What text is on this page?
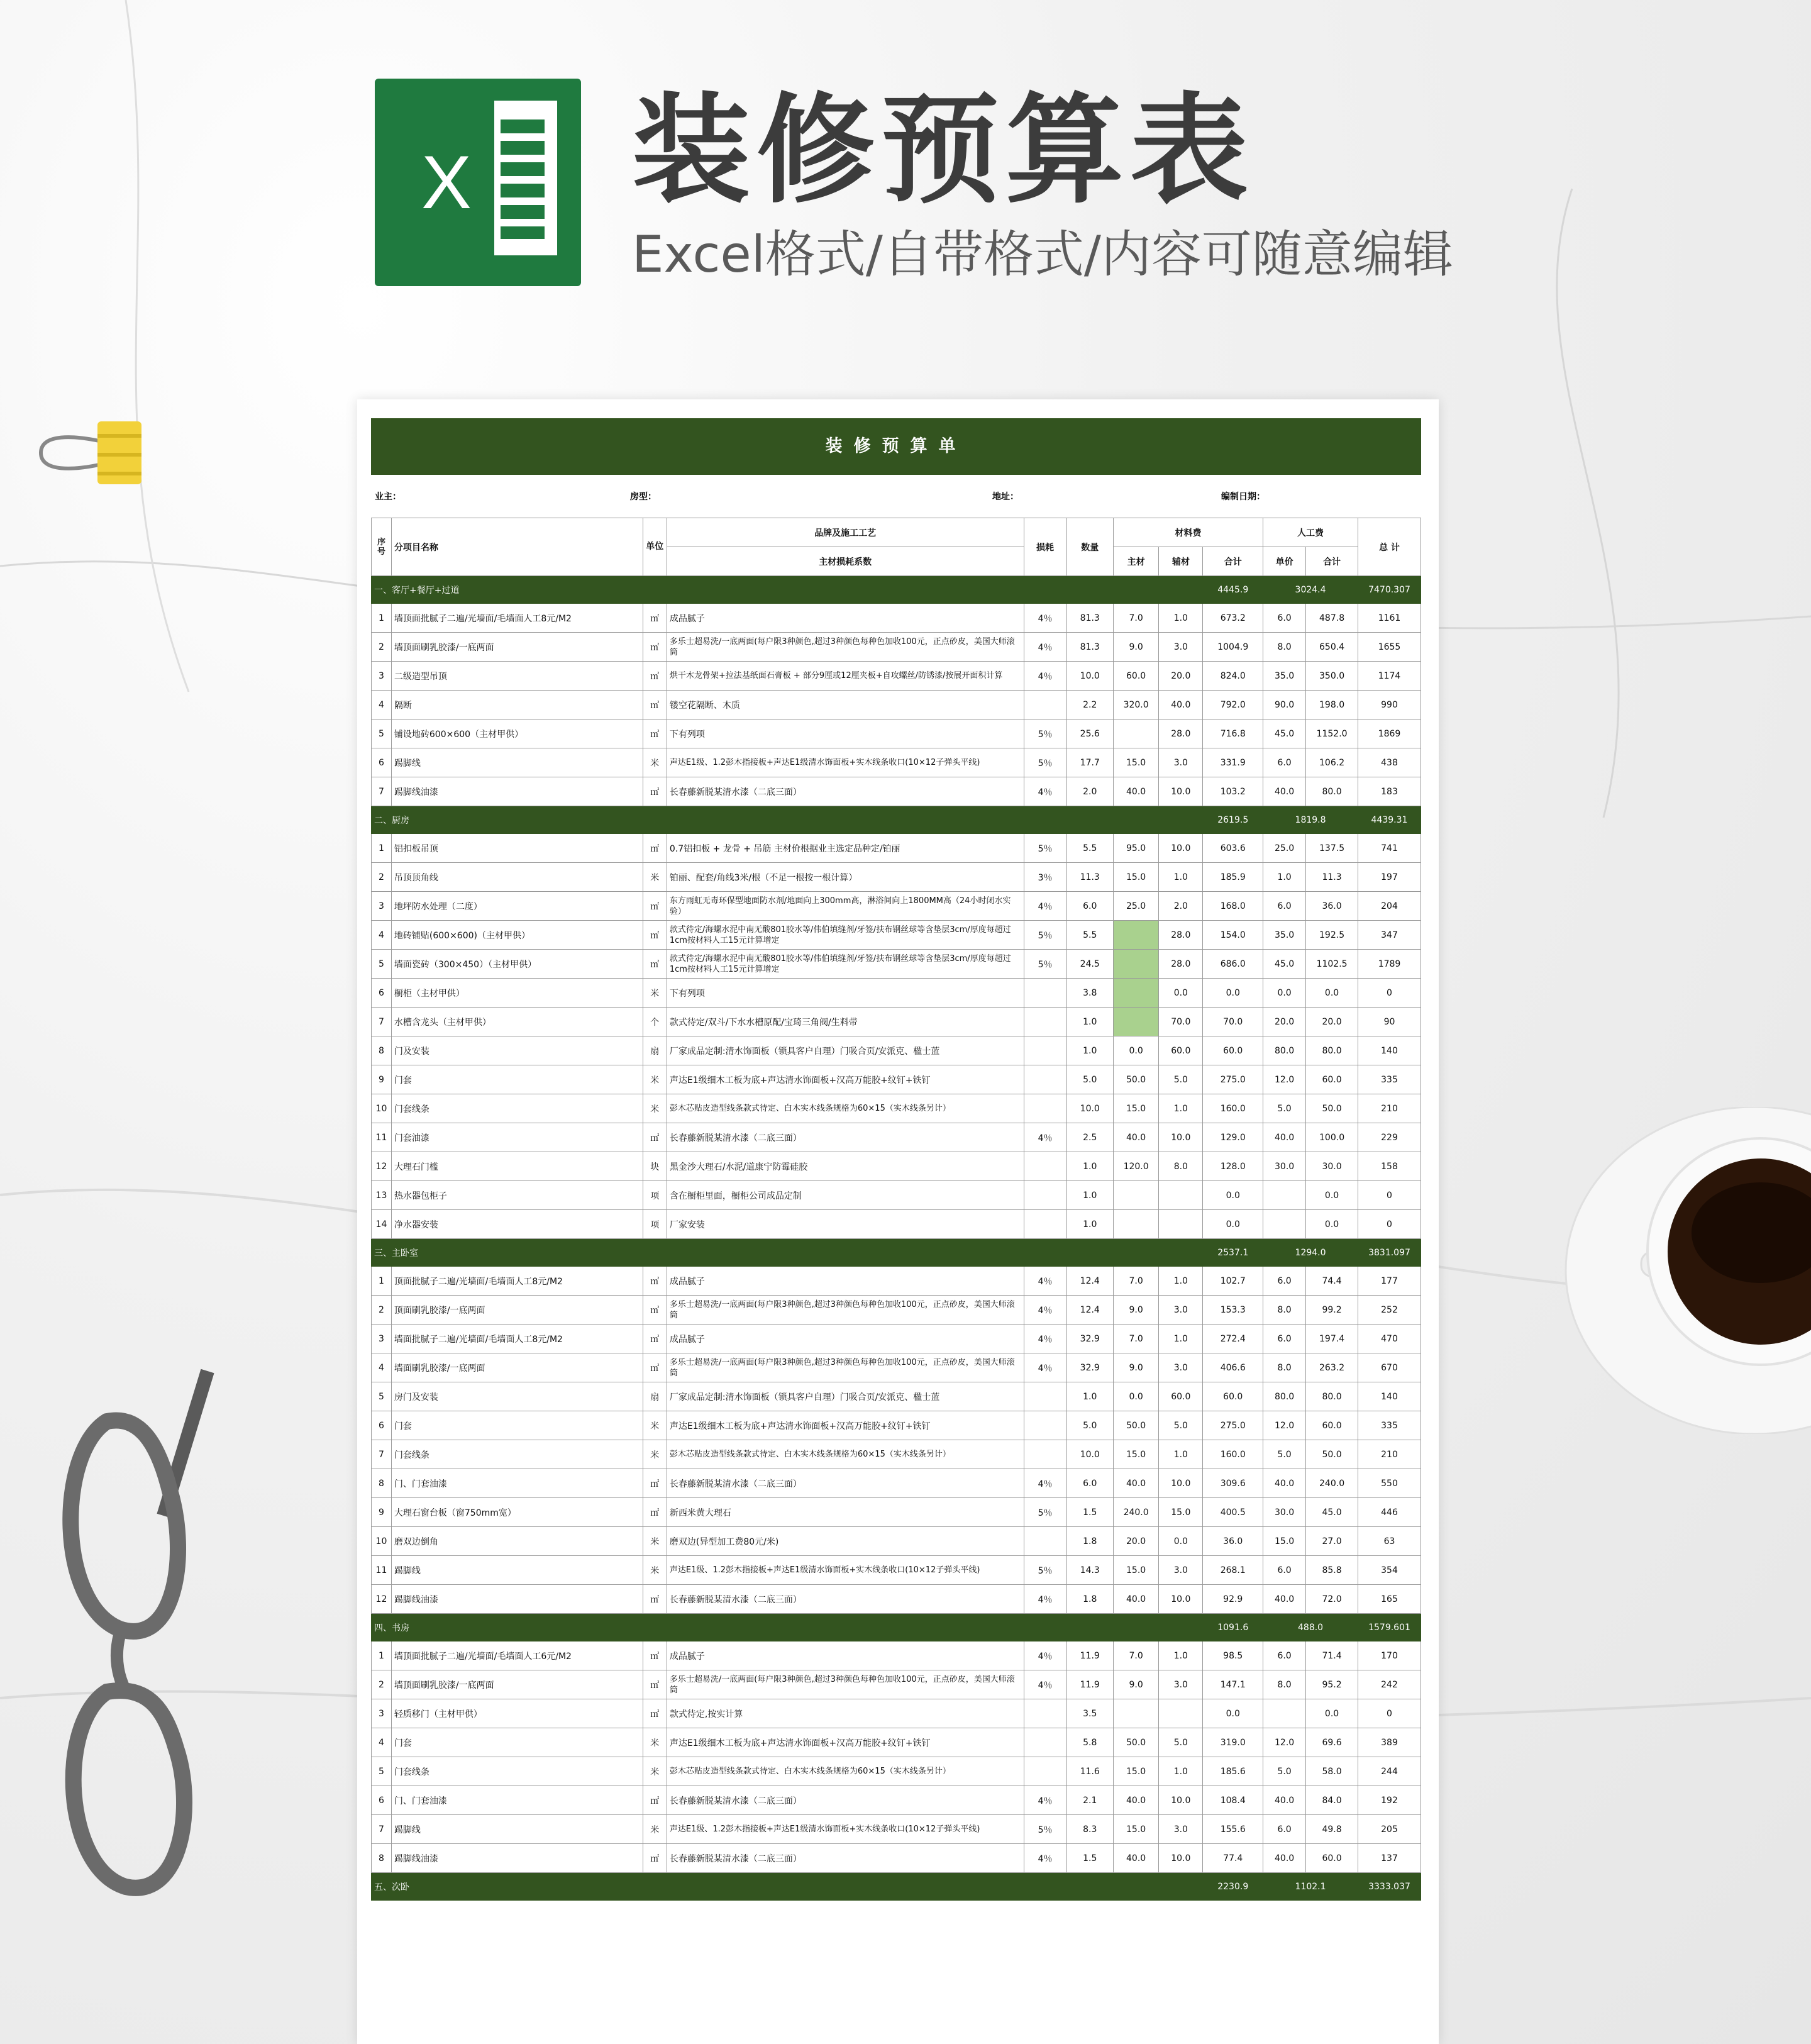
X 装修预算表
Excel格式/自带格式/内容可随意编辑
装修预算单
业主：	房型：	地址：	编制日期：
序号	分项目名称	单位	品牌及施工工艺	损耗	数量	材料费			人工费		总 计
			主材损耗系数			主材	辅材	合计	单价	合计	
一、客厅+餐厅+过道								4445.9	3024.4		7470.307
1	墙顶面批腻子二遍/光墙面/毛墙面人工8元/M2	㎡	成品腻子	4％	81.3	7.0	1.0	673.2	6.0	487.8	1161
2	墙顶面刷乳胶漆/一底两面	㎡	多乐士超易洗/一底两面(每户限3种颜色,超过3种颜色每种色加收100元，正点砂皮，美国大师滚筒	4％	81.3	9.0	3.0	1004.9	8.0	650.4	1655
3	二级造型吊顶	㎡	烘干木龙骨架+拉法基纸面石膏板 + 部分9厘或12厘夹板+自攻螺丝/防锈漆/按展开面积计算	4％	10.0	60.0	20.0	824.0	35.0	350.0	1174
4	隔断	㎡	镂空花隔断、木质		2.2	320.0	40.0	792.0	90.0	198.0	990
5	铺设地砖600×600（主材甲供）	㎡	下有列项	5％	25.6		28.0	716.8	45.0	1152.0	1869
6	踢脚线	米	声达E1级、1.2彭木指接板+声达E1级清水饰面板+实木线条收口(10×12子弹头平线)	5％	17.7	15.0	3.0	331.9	6.0	106.2	438
7	踢脚线油漆	㎡	长春藤新脱某清水漆（二底三面）	4％	2.0	40.0	10.0	103.2	40.0	80.0	183
二、厨房								2619.5	1819.8		4439.31
1	铝扣板吊顶	㎡	0.7铝扣板 + 龙骨 + 吊筋 主材价根据业主选定品种定/铂丽	5％	5.5	95.0	10.0	603.6	25.0	137.5	741
2	吊顶顶角线	米	铂丽、配套/角线3米/根（不足一根按一根计算）	3％	11.3	15.0	1.0	185.9	1.0	11.3	197
3	地坪防水处理（二度）	㎡	东方雨虹无毒环保型地面防水剂/地面向上300mm高，淋浴间向上1800MM高（24小时闭水实验）	4％	6.0	25.0	2.0	168.0	6.0	36.0	204
4	地砖铺贴(600×600)（主材甲供）	㎡	款式待定/海螺水泥中南无酸801胶水等/伟伯填缝剂/牙签/扶布钢丝球等含垫层3cm/厚度每超过1cm按材料人工15元计算增定	5％	5.5		28.0	154.0	35.0	192.5	347
5	墙面瓷砖（300×450）（主材甲供）	㎡	款式待定/海螺水泥中南无酸801胶水等/伟伯填缝剂/牙签/扶布钢丝球等含垫层3cm/厚度每超过1cm按材料人工15元计算增定	5％	24.5		28.0	686.0	45.0	1102.5	1789
6	橱柜（主材甲供）	米	下有列项		3.8		0.0	0.0	0.0	0.0	0
7	水槽含龙头（主材甲供）	个	款式待定/双斗/下水水槽原配/宝琦三角阀/生料带		1.0		70.0	70.0	20.0	20.0	90
8	门及安装	扇	厂家成品定制:清水饰面板（锁具客户自理）门吸合页/安派克、楹士蓝		1.0	0.0	60.0	60.0	80.0	80.0	140
9	门套	米	声达E1级细木工板为底+声达清水饰面板+汉高万能胶+纹钉+铁钉		5.0	50.0	5.0	275.0	12.0	60.0	335
10	门套线条	米	彭木芯贴皮造型线条款式待定、白木实木线条规格为60×15（实木线条另计）		10.0	15.0	1.0	160.0	5.0	50.0	210
11	门套油漆	㎡	长春藤新脱某清水漆（二底三面）	4％	2.5	40.0	10.0	129.0	40.0	100.0	229
12	大理石门槛	块	黑金沙大理石/水泥/道康宁防霉硅胶		1.0	120.0	8.0	128.0	30.0	30.0	158
13	热水器包柜子	项	含在橱柜里面，橱柜公司成品定制		1.0			0.0		0.0	0
14	净水器安装	项	厂家安装		1.0			0.0		0.0	0
三、主卧室								2537.1	1294.0		3831.097
1	顶面批腻子二遍/光墙面/毛墙面人工8元/M2	㎡	成品腻子	4％	12.4	7.0	1.0	102.7	6.0	74.4	177
2	顶面刷乳胶漆/一底两面	㎡	多乐士超易洗/一底两面(每户限3种颜色,超过3种颜色每种色加收100元，正点砂皮，美国大师滚筒	4％	12.4	9.0	3.0	153.3	8.0	99.2	252
3	墙面批腻子二遍/光墙面/毛墙面人工8元/M2	㎡	成品腻子	4％	32.9	7.0	1.0	272.4	6.0	197.4	470
4	墙面刷乳胶漆/一底两面	㎡	多乐士超易洗/一底两面(每户限3种颜色,超过3种颜色每种色加收100元，正点砂皮，美国大师滚筒	4％	32.9	9.0	3.0	406.6	8.0	263.2	670
5	房门及安装	扇	厂家成品定制:清水饰面板（锁具客户自理）门吸合页/安派克、楹士蓝		1.0	0.0	60.0	60.0	80.0	80.0	140
6	门套	米	声达E1级细木工板为底+声达清水饰面板+汉高万能胶+纹钉+铁钉		5.0	50.0	5.0	275.0	12.0	60.0	335
7	门套线条	米	彭木芯贴皮造型线条款式待定、白木实木线条规格为60×15（实木线条另计）		10.0	15.0	1.0	160.0	5.0	50.0	210
8	门、门套油漆	㎡	长春藤新脱某清水漆（二底三面）	4％	6.0	40.0	10.0	309.6	40.0	240.0	550
9	大理石窗台板（窗750mm宽）	㎡	新西米黄大理石	5％	1.5	240.0	15.0	400.5	30.0	45.0	446
10	磨双边倒角	米	磨双边(异型加工费80元/米)		1.8	20.0	0.0	36.0	15.0	27.0	63
11	踢脚线	米	声达E1级、1.2彭木指接板+声达E1级清水饰面板+实木线条收口(10×12子弹头平线)	5％	14.3	15.0	3.0	268.1	6.0	85.8	354
12	踢脚线油漆	㎡	长春藤新脱某清水漆（二底三面）	4％	1.8	40.0	10.0	92.9	40.0	72.0	165
四、书房								1091.6	488.0		1579.601
1	墙顶面批腻子二遍/光墙面/毛墙面人工6元/M2	㎡	成品腻子	4％	11.9	7.0	1.0	98.5	6.0	71.4	170
2	墙顶面刷乳胶漆/一底两面	㎡	多乐士超易洗/一底两面(每户限3种颜色,超过3种颜色每种色加收100元，正点砂皮，美国大师滚筒	4％	11.9	9.0	3.0	147.1	8.0	95.2	242
3	轻质移门（主材甲供）	㎡	款式待定,按实计算		3.5			0.0		0.0	0
4	门套	米	声达E1级细木工板为底+声达清水饰面板+汉高万能胶+纹钉+铁钉		5.8	50.0	5.0	319.0	12.0	69.6	389
5	门套线条	米	彭木芯贴皮造型线条款式待定、白木实木线条规格为60×15（实木线条另计）		11.6	15.0	1.0	185.6	5.0	58.0	244
6	门、门套油漆	㎡	长春藤新脱某清水漆（二底三面）	4％	2.1	40.0	10.0	108.4	40.0	84.0	192
7	踢脚线	米	声达E1级、1.2彭木指接板+声达E1级清水饰面板+实木线条收口(10×12子弹头平线)	5％	8.3	15.0	3.0	155.6	6.0	49.8	205
8	踢脚线油漆	㎡	长春藤新脱某清水漆（二底三面）	4％	1.5	40.0	10.0	77.4	40.0	60.0	137
五、次卧								2230.9	1102.1		3333.037
